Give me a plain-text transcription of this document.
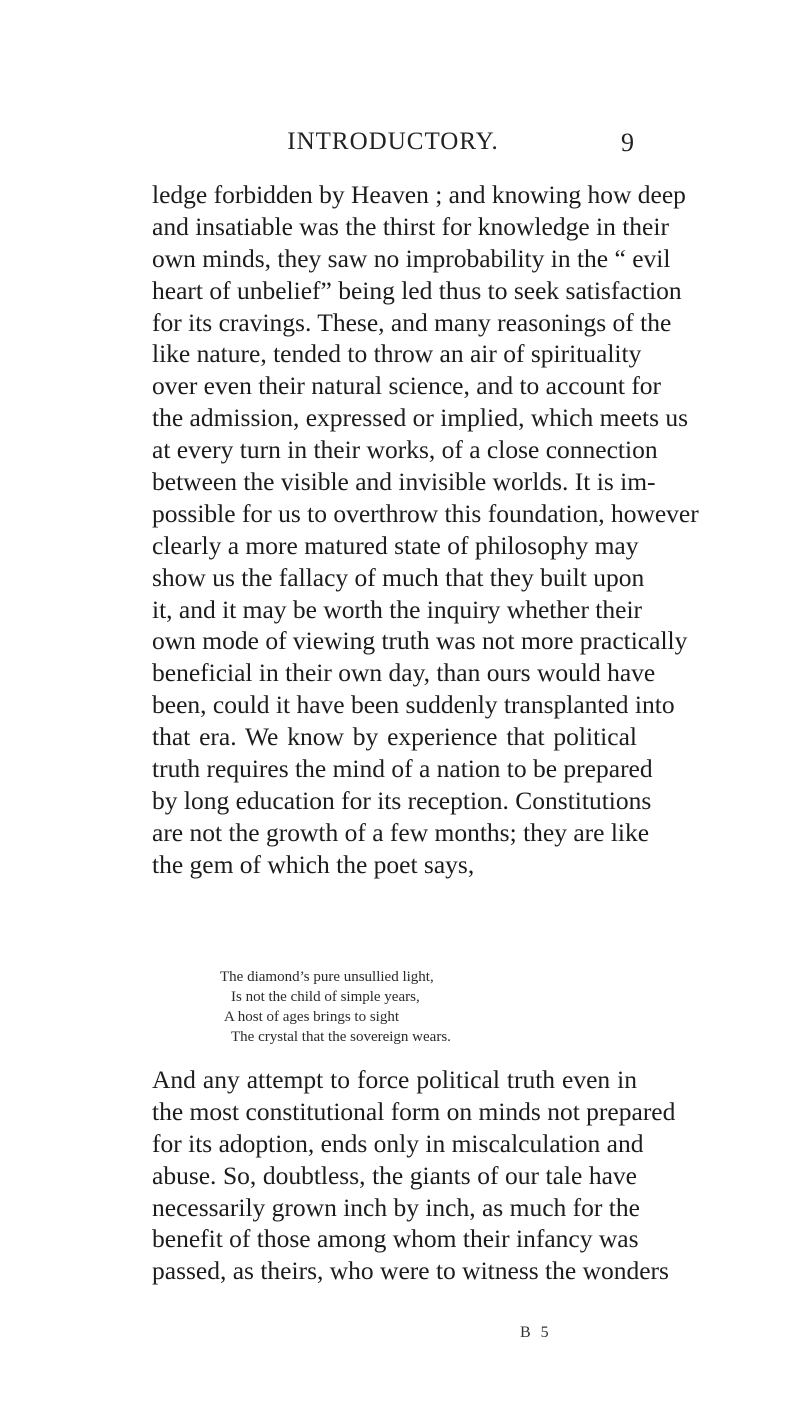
INTRODUCTORY.	9
ledge forbidden by Heaven ; and knowing how deep
and insatiable was the thirst for knowledge in their
own minds, they saw no improbability in the “ evil
heart of unbelief” being led thus to seek satisfaction
for its cravings. These, and many reasonings of the
like nature, tended to throw an air of spirituality
over even their natural science, and to account for
the admission, expressed or implied, which meets us
at every turn in their works, of a close connection
between the visible and invisible worlds. It is im-
possible for us to overthrow this foundation, however
clearly a more matured state of philosophy may
show us the fallacy of much that they built upon
it, and it may be worth the inquiry whether their
own mode of viewing truth was not more practically
beneficial in their own day, than ours would have
been, could it have been suddenly transplanted into
that era. We know by experience that political
truth requires the mind of a nation to be prepared
by long education for its reception. Constitutions
are not the growth of a few months; they are like
the gem of which the poet says,
The diamond’s pure unsullied light,
Is not the child of simple years,
A host of ages brings to sight
The crystal that the sovereign wears.
And any attempt to force political truth even in
the most constitutional form on minds not prepared
for its adoption, ends only in miscalculation and
abuse. So, doubtless, the giants of our tale have
necessarily grown inch by inch, as much for the
benefit of those among whom their infancy was
passed, as theirs, who were to witness the wonders
B 5
